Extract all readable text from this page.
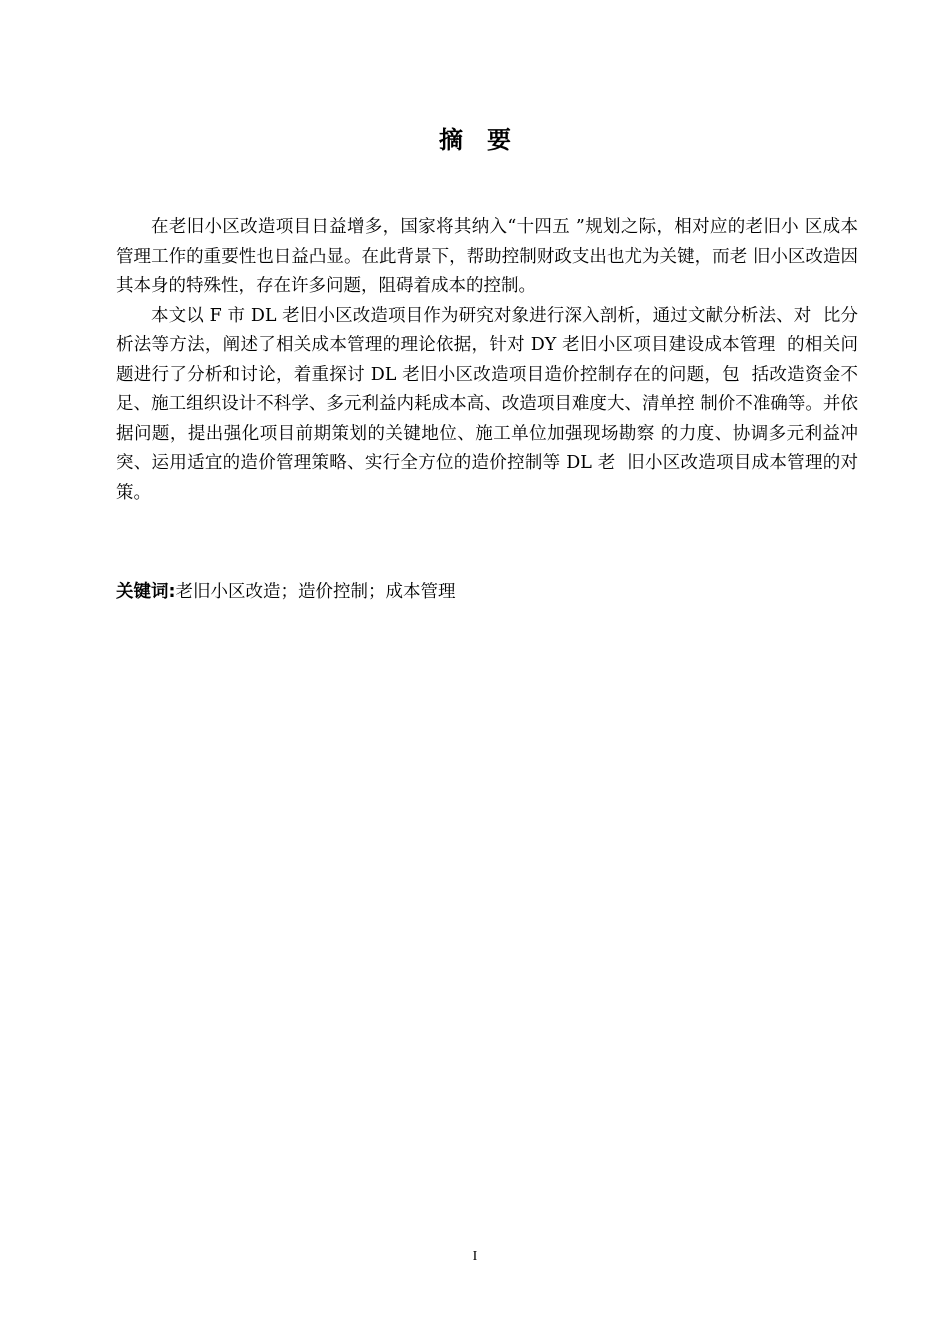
摘要

在老旧小区改造项目日益增多，国家将其纳入“十四五 ”规划之际，相对应的老旧小 区成本管理工作的重要性也日益凸显。在此背景下，帮助控制财政支出也尤为关键，而老 旧小区改造因其本身的特殊性，存在许多问题，阻碍着成本的控制。

本文以 F 市 DL 老旧小区改造项目作为研究对象进行深入剖析，通过文献分析法、对  比分析法等方法，阐述了相关成本管理的理论依据，针对 DY 老旧小区项目建设成本管理  的相关问题进行了分析和讨论，着重探讨 DL 老旧小区改造项目造价控制存在的问题，包  括改造资金不足、施工组织设计不科学、多元利益内耗成本高、改造项目难度大、清单控 制价不准确等。并依据问题，提出强化项目前期策划的关键地位、施工单位加强现场勘察 的力度、协调多元利益冲突、运用适宜的造价管理策略、实行全方位的造价控制等 DL 老  旧小区改造项目成本管理的对策。

关键词:老旧小区改造；造价控制；成本管理
I
